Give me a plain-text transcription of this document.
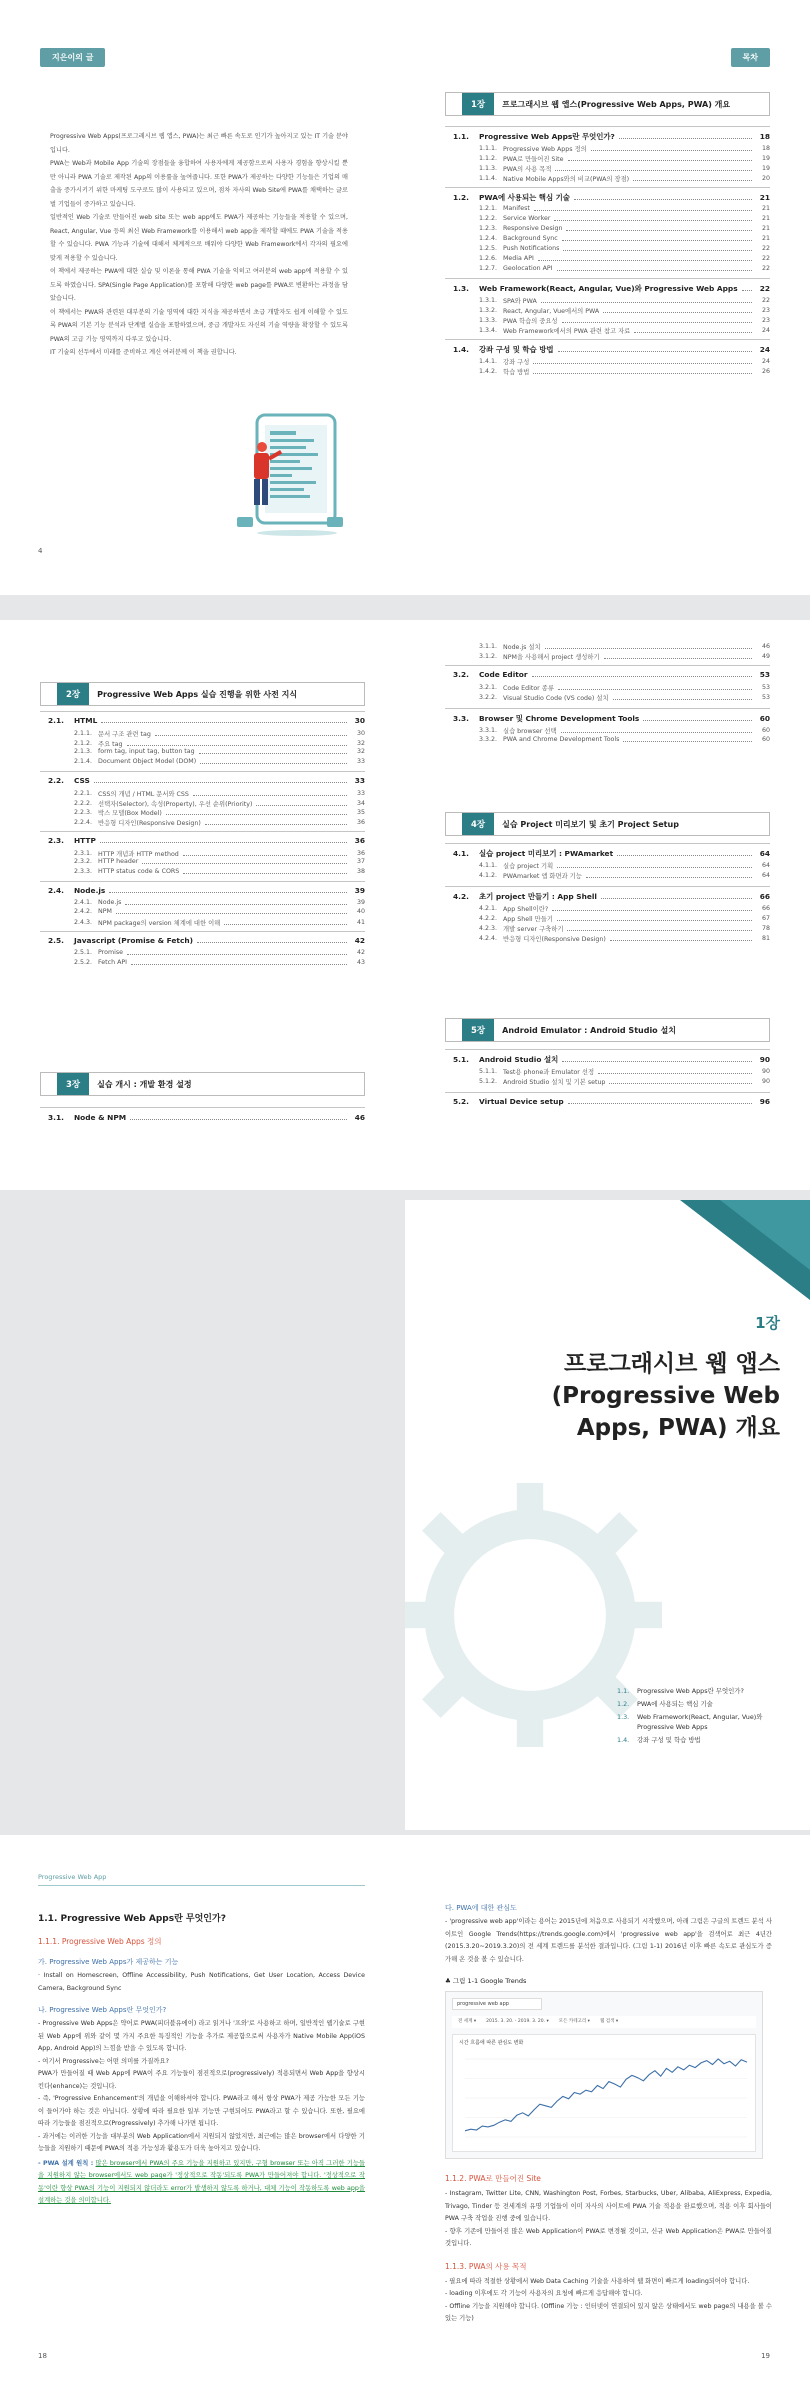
지은이의 글

Progressive Web Apps(프로그레시브 웹 앱스, PWA)는 최근 빠른 속도로 인기가 높아지고 있는 IT 기술 분야입니다.

PWA는 Web과 Mobile App 기술의 장점들을 융합하여 사용자에게 제공함으로써 사용자 경험을 향상시킬 뿐만 아니라 PWA 기술로 제작된 App의 이용률을 높여줍니다. 또한 PWA가 제공하는 다양한 기능들은 기업의 매출을 증가시키기 위한 마케팅 도구로도 많이 사용되고 있으며, 점차 자사의 Web Site에 PWA를 채택하는 글로벌 기업들이 증가하고 있습니다.

일반적인 Web 기술로 만들어진 web site 또는 web app에도 PWA가 제공하는 기능들을 적용할 수 있으며, React, Angular, Vue 등의 최신 Web Framework를 이용해서 web app을 제작할 때에도 PWA 기술을 적용할 수 있습니다. PWA 기능과 기술에 대해서 체계적으로 배워야 다양한 Web Framework에서 각자의 필요에 맞게 적용할 수 있습니다.

이 책에서 제공하는 PWA에 대한 실습 및 이론을 통해 PWA 기술을 익히고 여러분의 web app에 적용할 수 있도록 하였습니다. SPA(Single Page Application)를 포함해 다양한 web page를 PWA로 변환하는 과정을 담았습니다.

이 책에서는 PWA와 관련된 대부분의 기술 영역에 대한 지식을 제공하면서 초급 개발자도 쉽게 이해할 수 있도록 PWA의 기본 기능 분석과 단계별 실습을 포함하였으며, 중급 개발자도 자신의 기술 역량을 확장할 수 있도록 PWA의 고급 기능 영역까지 다루고 있습니다.

IT 기술의 선두에서 미래를 준비하고 계신 여러분께 이 책을 권합니다.

4
목차
1장	프로그래시브 웹 앱스(Progressive Web Apps, PWA) 개요
1.1.	Progressive Web Apps란 무엇인가?	18
1.1.1. Progressive Web Apps 정의	18
1.1.2. PWA로 만들어진 Site	19
1.1.3. PWA의 사용 목적	19
1.1.4. Native Mobile Apps와의 비교(PWA의 장점)	20
1.2.	PWA에 사용되는 핵심 기술	21
1.2.1. Manifest	21
1.2.2. Service Worker	21
1.2.3. Responsive Design	21
1.2.4. Background Sync	21
1.2.5. Push Notifications	22
1.2.6. Media API	22
1.2.7. Geolocation API	22
1.3.	Web Framework(React, Angular, Vue)와 Progressive Web Apps	22
1.3.1. SPA와 PWA	22
1.3.2. React, Angular, Vue에서의 PWA	23
1.3.3. PWA 학습의 중요성	23
1.3.4. Web Framework에서의 PWA 관련 참고 자료	24
1.4.	강좌 구성 및 학습 방법	24
1.4.1. 강좌 구성	24
1.4.2. 학습 방법	26
2장	Progressive Web Apps 실습 진행을 위한 사전 지식
2.1.	HTML	30
2.1.1. 문서 구조 관련 tag	30
2.1.2. 주요 tag	32
2.1.3. form tag, input tag, button tag	32
2.1.4. Document Object Model (DOM)	33
2.2.	CSS	33
2.2.1. CSS의 개념 / HTML 문서와 CSS	33
2.2.2. 선택자(Selector), 속성(Property), 우선 순위(Priority)	34
2.2.3. 박스 모델(Box Model)	35
2.2.4. 반응형 디자인(Responsive Design)	36
2.3.	HTTP	36
2.3.1. HTTP 개념과 HTTP method	36
2.3.2. HTTP header	37
2.3.3. HTTP status code & CORS	38
2.4.	Node.js	39
2.4.1. Node.js	39
2.4.2. NPM	40
2.4.3. NPM package의 version 체계에 대한 이해	41
2.5.	Javascript (Promise & Fetch)	42
2.5.1. Promise	42
2.5.2. Fetch API	43
3장	실습 개시 : 개발 환경 설정
3.1.	Node & NPM	46
3.1.1. Node.js 설치	46
3.1.2. NPM을 사용해서 project 생성하기	49
3.2.	Code Editor	53
3.2.1. Code Editor 종류	53
3.2.2. Visual Studio Code (VS code) 설치	53
3.3.	Browser 및 Chrome Development Tools	60
3.3.1. 실습 browser 선택	60
3.3.2. PWA and Chrome Development Tools	60
4장	실습 Project 미리보기 및 초기 Project Setup
4.1.	실습 project 미리보기 : PWAmarket	64
4.1.1. 실습 project 기획	64
4.1.2. PWAmarket 앱 화면과 기능	64
4.2.	초기 project 만들기 : App Shell	66
4.2.1. App Shell이란?	66
4.2.2. App Shell 만들기	67
4.2.3. 개발 server 구축하기	78
4.2.4. 반응형 디자인(Responsive Design)	81
5장	Android Emulator : Android Studio 설치
5.1.	Android Studio 설치	90
5.1.1. Test용 phone과 Emulator 선정	90
5.1.2. Android Studio 설치 및 기본 setup	90
5.2.	Virtual Device setup	96
1장
프로그래시브 웹 앱스
(Progressive Web
Apps, PWA) 개요
1.1.	Progressive Web Apps란 무엇인가?
1.2.	PWA에 사용되는 핵심 기술
1.3.	Web Framework(React, Angular, Vue)와 Progressive Web Apps
1.4.	강좌 구성 및 학습 방법
Progressive Web App
1.1. Progressive Web Apps란 무엇인가?
1.1.1. Progressive Web Apps 정의
가. Progressive Web Apps가 제공하는 기능

· Install on Homescreen, Offline Accessibility, Push Notifications, Get User Location, Access Device Camera, Background Sync

나. Progressive Web Apps란 무엇인가?

- Progressive Web Apps은 약어로 PWA(피더블유에이) 라고 읽거나 '프와'로 사용하고 하며, 일반적인 웹기술로 구현된 Web App에 위와 같이 몇 가지 주요한 특징적인 기능을 추가로 제공함으로써 사용자가 Native Mobile App(iOS App, Android App)의 느낌을 받을 수 있도록 합니다.

- 여기서 Progressive는 어떤 의미를 가질까요?

PWA가 만들어질 때 Web App에 PWA이 주요 기능들이 점진적으로(progressively) 적용되면서 Web App을 향상시킨다(enhance)는 것입니다.

- 즉, 'Progressive Enhancement'의 개념을 이해하셔야 합니다. PWA라고 해서 항상 PWA가 제공 가능한 모든 기능이 들어가야 하는 것은 아닙니다. 상황에 따라 필요한 일부 기능만 구현되어도 PWA라고 할 수 있습니다. 또한, 필요에 따라 기능들을 점진적으로(Progressively) 추가해 나가면 됩니다.

- 과거에는 이러한 기능을 대부분의 Web Application에서 지원되지 않았지만, 최근에는 많은 browser에서 다양한 기능들을 지원하기 때문에 PWA의 적용 가능성과 활용도가 더욱 높아지고 있습니다.

- PWA 설계 원칙 : 많은 browser에서 PWA의 주요 기능을 지원하고 있지만, 구형 browser 또는 아직 그러한 기능들을 지원하지 않는 browser에서도 web page가 '정상적으로 작동'되도록 PWA가 만들어져야 합니다. '정상적으로 작동'이란 향상 PWA의 기능이 지원되지 않더라도 error가 발생하지 않도록 하거나, 대체 기능이 작동하도록 web app을 설계하는 것을 의미합니다.

18
다. PWA에 대한 관심도

- 'progressive web app'이라는 용어는 2015년에 처음으로 사용되기 시작했으며, 아래 그림은 구글의 트렌드 분석 사이트인 Google Trends(https://trends.google.com)에서 'progressive web app'을 검색어로 최근 4년간(2015.3.20~2019.3.20)의 전 세계 트렌드를 분석한 결과입니다. (그림 1-1) 2016년 이후 빠른 속도로 관심도가 증가해 온 것을 볼 수 있습니다.

♣ 그림 1-1 Google Trends
progressive web app
전 세계 ▾ 2015. 3. 20. - 2019. 3. 20. ▾ 모든 카테고리 ▾ 웹 검색 ▾
시간 흐름에 따른 관심도 변화
1.1.2. PWA로 만들어진 Site

- Instagram, Twitter Lite, CNN, Washington Post, Forbes, Starbucks, Uber, Alibaba, AliExpress, Expedia, Trivago, Tinder 등 전세계의 유명 기업들이 이미 자사의 사이트에 PWA 기술 적용을 완료했으며, 적용 이후 회사들이 PWA 구축 작업을 진행 중에 있습니다.

- 향후 기존에 만들어진 많은 Web Application이 PWA로 변경될 것이고, 신규 Web Application은 PWA로 만들어질 것입니다.

1.1.3. PWA의 사용 목적

- 필요에 따라 적절한 상황에서 Web Data Caching 기술을 사용하여 웹 화면이 빠르게 loading되어야 합니다.

- loading 이후에도 각 기능이 사용자의 요청에 빠르게 응답해야 합니다.

- Offline 기능을 지원해야 합니다. (Offline 기능 : 인터넷이 연결되어 있지 않은 상태에서도 web page의 내용을 볼 수 있는 기능)

19
